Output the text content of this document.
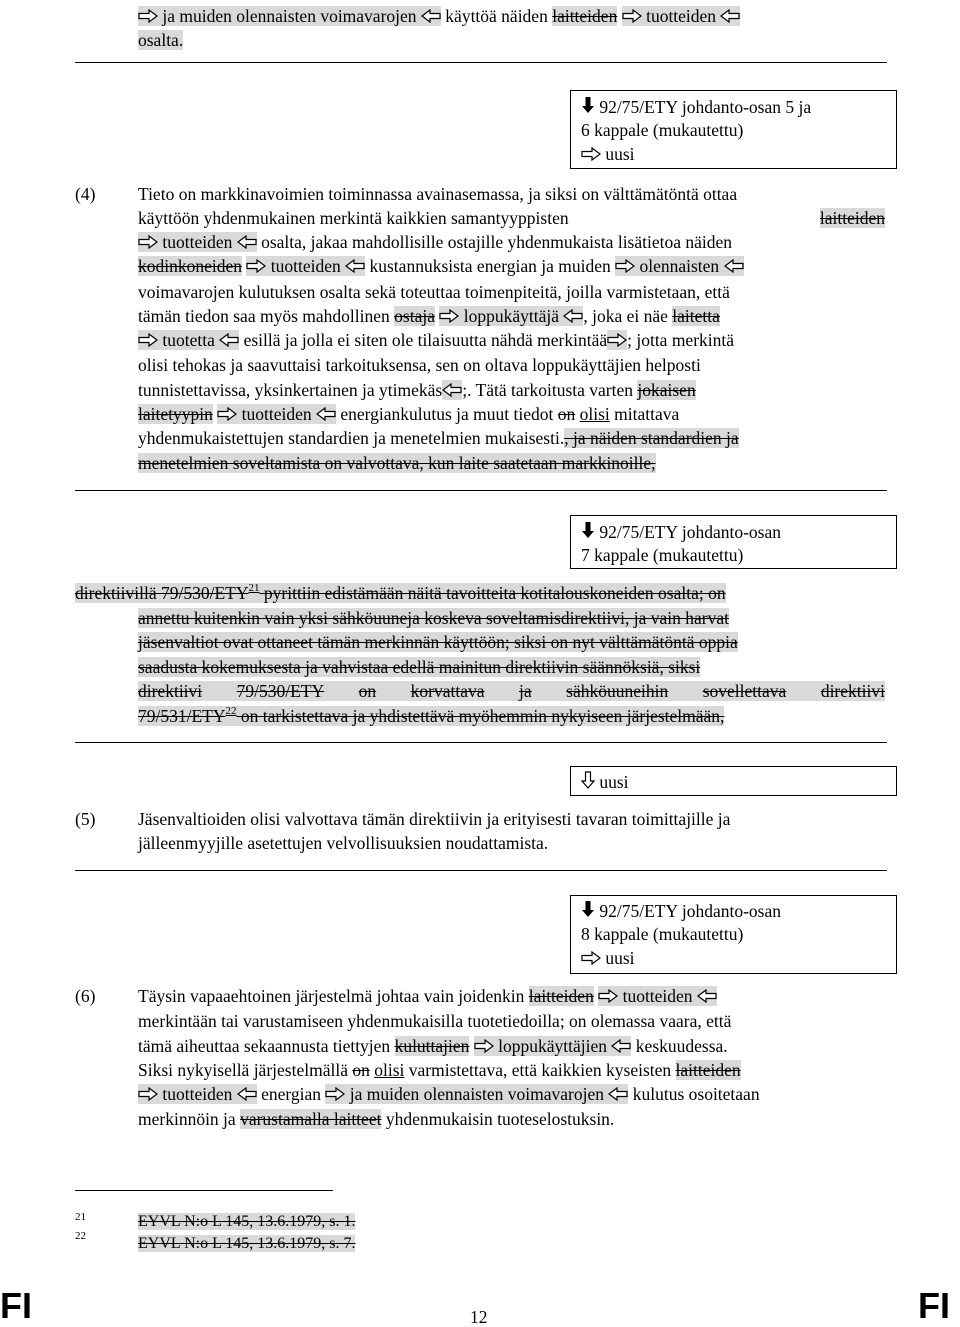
ja muiden olennaisten voimavarojen käyttöä näiden laitteiden tuotteiden
osalta.
92/75/ETY johdanto-osan 5 ja
6 kappale (mukautettu)
uusi
(4) Tieto on markkinavoimien toiminnassa avainasemassa, ja siksi on välttämätöntä ottaa
käyttöön yhdenmukainen merkintä kaikkien samantyyppisten	laitteiden
tuotteiden osalta, jakaa mahdollisille ostajille yhdenmukaista lisätietoa näiden
kodinkoneiden tuotteiden kustannuksista energian ja muiden olennaisten
voimavarojen kulutuksen osalta sekä toteuttaa toimenpiteitä, joilla varmistetaan, että
tämän tiedon saa myös mahdollinen ostaja loppukäyttäjä , joka ei näe laitetta
tuotetta esillä ja jolla ei siten ole tilaisuutta nähdä merkintää ; jotta merkintä
olisi tehokas ja saavuttaisi tarkoituksensa, sen on oltava loppukäyttäjien helposti
tunnistettavissa, yksinkertainen ja ytimekäs ;. Tätä tarkoitusta varten jokaisen
laitetyypin tuotteiden energiankulutus ja muut tiedot on olisi mitattava
yhdenmukaistettujen standardien ja menetelmien mukaisesti., ja näiden standardien ja
menetelmien soveltamista on valvottava, kun laite saatetaan markkinoille,
92/75/ETY johdanto-osan
7 kappale (mukautettu)
direktiivillä 79/530/ETY$^{21}$ pyrittiin edistämään näitä tavoitteita kotitalouskoneiden osalta; on
annettu kuitenkin vain yksi sähköuuneja koskeva soveltamisdirektiivi, ja vain harvat
jäsenvaltiot ovat ottaneet tämän merkinnän käyttöön; siksi on nyt välttämätöntä oppia
saadusta kokemuksesta ja vahvistaa edellä mainitun direktiivin säännöksiä, siksi
direktiivi 79/530/ETY on korvattava ja sähköuuneihin sovellettava direktiivi
79/531/ETY$^{22}$ on tarkistettava ja yhdistettävä myöhemmin nykyiseen järjestelmään,
uusi
(5) Jäsenvaltioiden olisi valvottava tämän direktiivin ja erityisesti tavaran toimittajille ja
jälleenmyyjille asetettujen velvollisuuksien noudattamista.
92/75/ETY johdanto-osan
8 kappale (mukautettu)
uusi
(6) Täysin vapaaehtoinen järjestelmä johtaa vain joidenkin laitteiden tuotteiden
merkintään tai varustamiseen yhdenmukaisilla tuotetiedoilla; on olemassa vaara, että
tämä aiheuttaa sekaannusta tiettyjen kuluttajien loppukäyttäjien keskuudessa.
Siksi nykyisellä järjestelmällä on olisi varmistettava, että kaikkien kyseisten laitteiden
tuotteiden energian ja muiden olennaisten voimavarojen kulutus osoitetaan
merkinnöin ja varustamalla laitteet yhdenmukaisin tuoteselostuksin.
21	EYVL N:o L 145, 13.6.1979, s. 1.
22	EYVL N:o L 145, 13.6.1979, s. 7.
FI	12	FI
